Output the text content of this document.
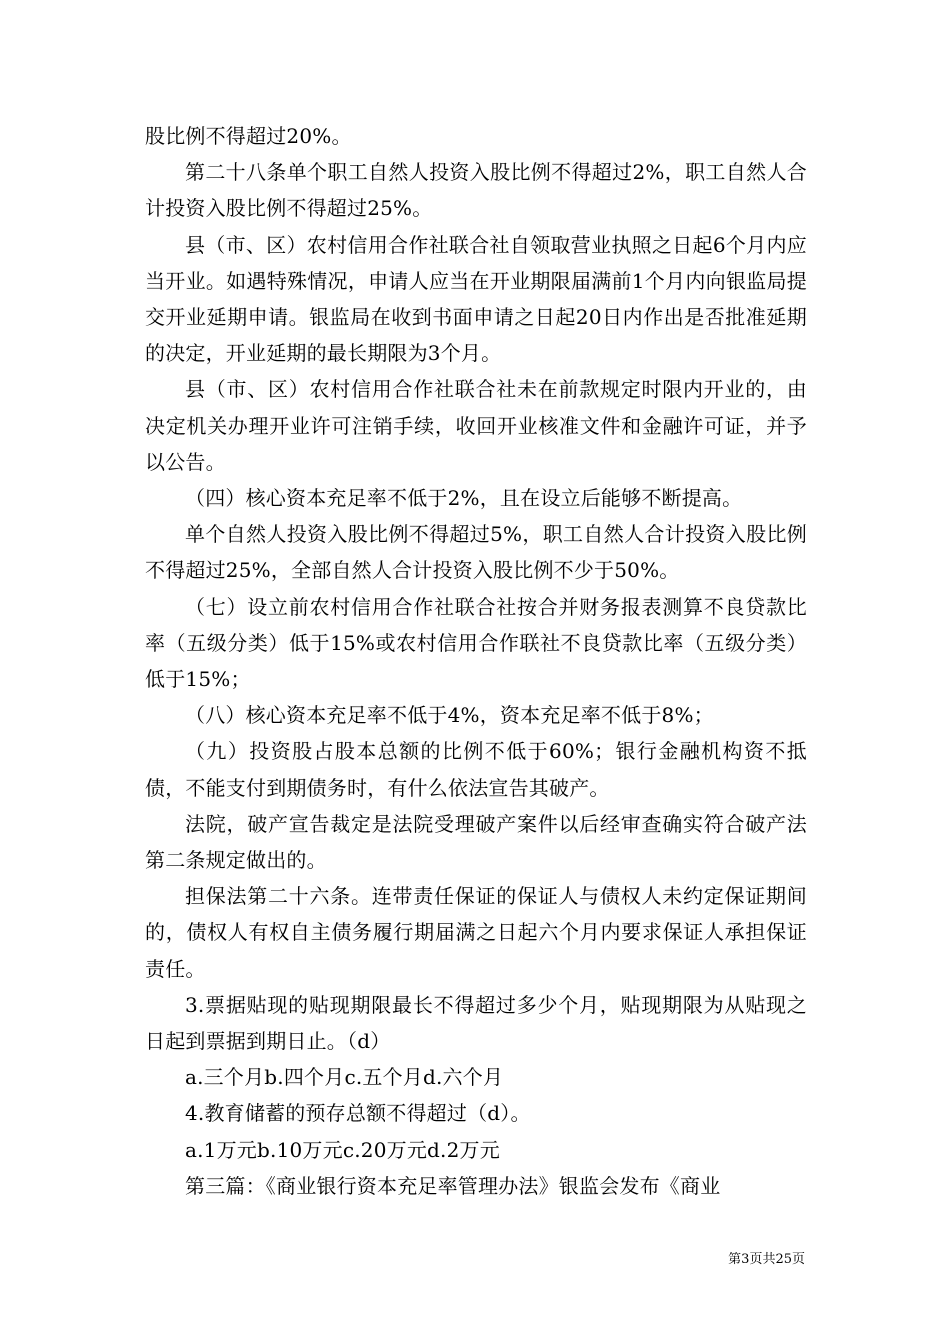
股比例不得超过20%。

第二十八条单个职工自然人投资入股比例不得超过2%，职工自然人合计投资入股比例不得超过25%。

县（市、区）农村信用合作社联合社自领取营业执照之日起6个月内应当开业。如遇特殊情况，申请人应当在开业期限届满前1个月内向银监局提交开业延期申请。银监局在收到书面申请之日起20日内作出是否批准延期的决定，开业延期的最长期限为3个月。

县（市、区）农村信用合作社联合社未在前款规定时限内开业的，由决定机关办理开业许可注销手续，收回开业核准文件和金融许可证，并予以公告。

（四）核心资本充足率不低于2%，且在设立后能够不断提高。

单个自然人投资入股比例不得超过5%，职工自然人合计投资入股比例不得超过25%，全部自然人合计投资入股比例不少于50%。

（七）设立前农村信用合作社联合社按合并财务报表测算不良贷款比率（五级分类）低于15%或农村信用合作联社不良贷款比率（五级分类）低于15%；

（八）核心资本充足率不低于4%，资本充足率不低于8%；

（九）投资股占股本总额的比例不低于60%；银行金融机构资不抵债，不能支付到期债务时，有什么依法宣告其破产。

法院，破产宣告裁定是法院受理破产案件以后经审查确实符合破产法第二条规定做出的。

担保法第二十六条。连带责任保证的保证人与债权人未约定保证期间的，债权人有权自主债务履行期届满之日起六个月内要求保证人承担保证责任。

3.票据贴现的贴现期限最长不得超过多少个月，贴现期限为从贴现之日起到票据到期日止。（d）

a.三个月b.四个月c.五个月d.六个月

4.教育储蓄的预存总额不得超过（d）。

a.1万元b.10万元c.20万元d.2万元

第三篇：《商业银行资本充足率管理办法》银监会发布《商业

第3页共25页
